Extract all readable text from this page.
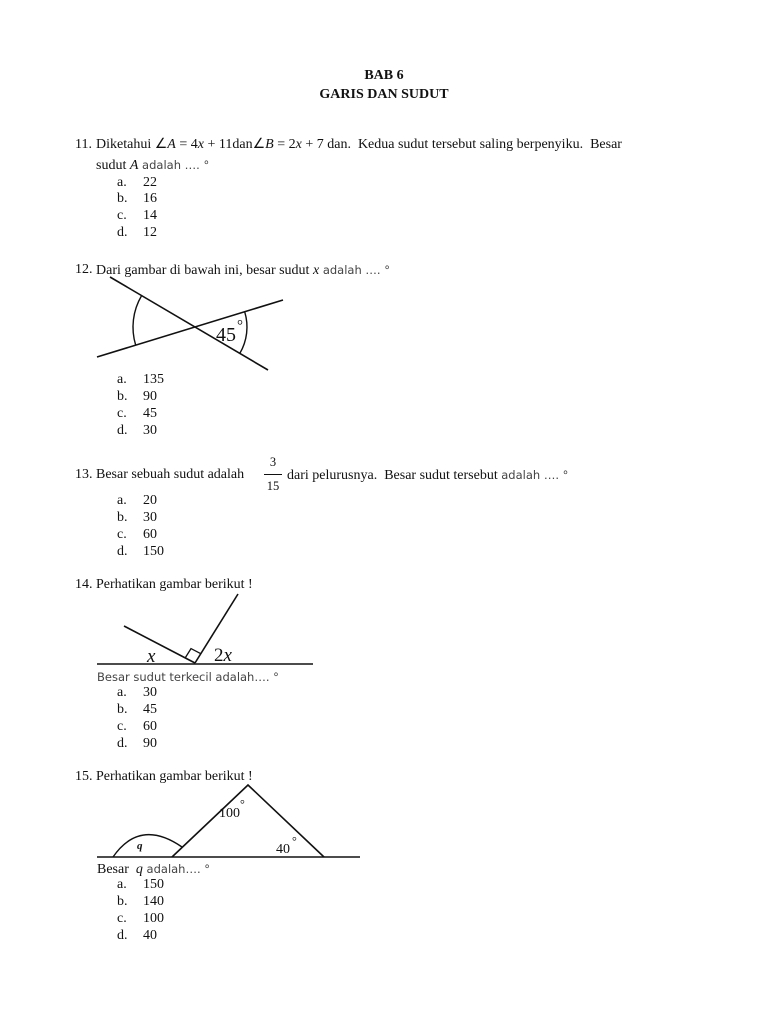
BAB 6
GARIS DAN SUDUT
11. Diketahui ∠A = 4x + 11dan∠B = 2x + 7 dan.  Kedua sudut tersebut saling berpenyiku.  Besar
sudut A adalah …. °
a. 22
b. 16
c. 14
d. 12
12. Dari gambar di bawah ini, besar sudut x adalah …. °
45 °
a. 135
b. 90
c. 45
d. 30
13. Besar sebuah sudut adalah
3
15
dari pelurusnya.  Besar sudut tersebut adalah …. °
a. 20
b. 30
c. 60
d. 150
14. Perhatikan gambar berikut !
x	2x
Besar sudut terkecil adalah…. °
a. 30
b. 45
c. 60
d. 90
15. Perhatikan gambar berikut !
q
100
°
40
°
Besar  q adalah…. °
a. 150
b. 140
c. 100
d. 40
